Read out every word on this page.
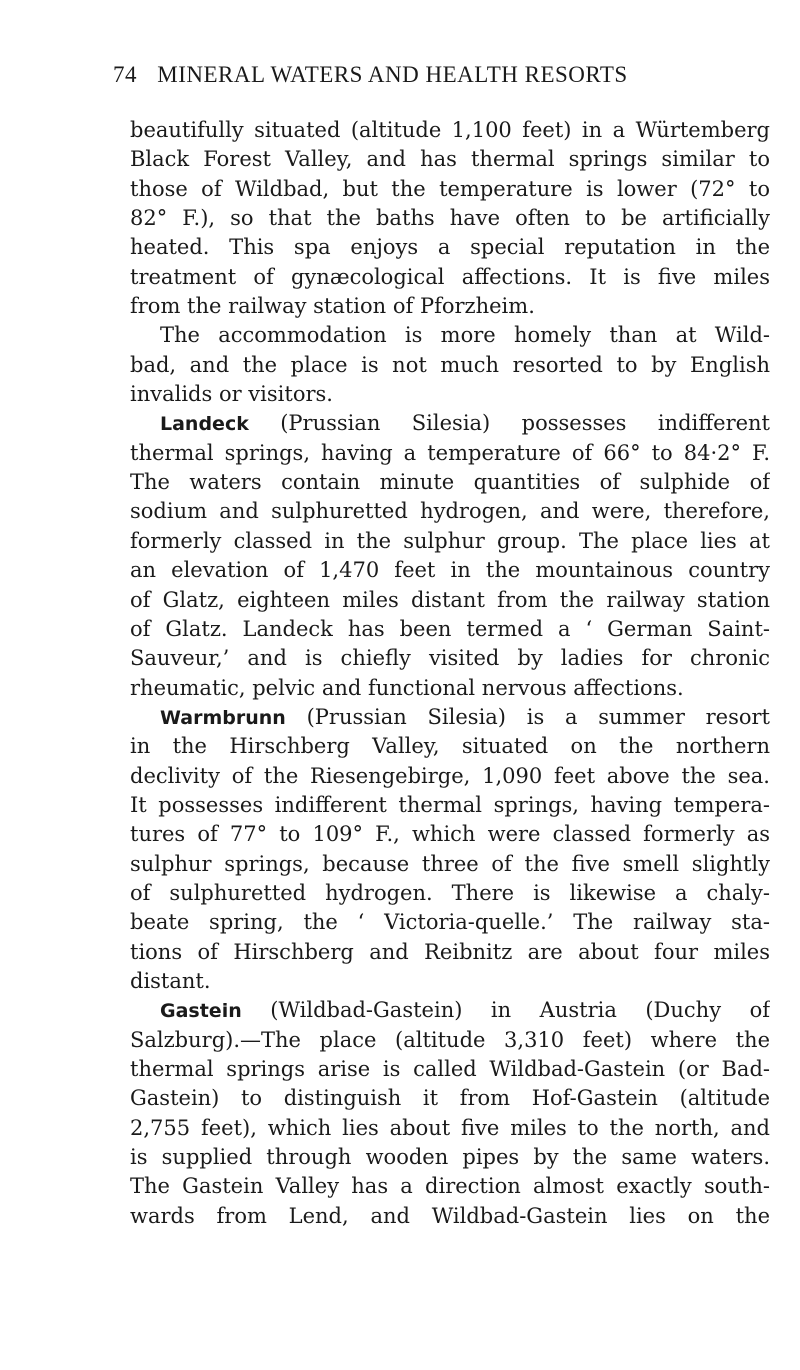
74 MINERAL WATERS AND HEALTH RESORTS
beautifully situated (altitude 1,100 feet) in a Würtemberg
Black Forest Valley, and has thermal springs similar to
those of Wildbad, but the temperature is lower (72° to
82° F.), so that the baths have often to be artificially
heated. This spa enjoys a special reputation in the
treatment of gynæcological affections. It is five miles
from the railway station of Pforzheim.
The accommodation is more homely than at Wild-
bad, and the place is not much resorted to by English
invalids or visitors.
Landeck (Prussian Silesia) possesses indifferent
thermal springs, having a temperature of 66° to 84·2° F.
The waters contain minute quantities of sulphide of
sodium and sulphuretted hydrogen, and were, therefore,
formerly classed in the sulphur group. The place lies at
an elevation of 1,470 feet in the mountainous country
of Glatz, eighteen miles distant from the railway station
of Glatz. Landeck has been termed a ‘ German Saint-
Sauveur,’ and is chiefly visited by ladies for chronic
rheumatic, pelvic and functional nervous affections.
Warmbrunn (Prussian Silesia) is a summer resort
in the Hirschberg Valley, situated on the northern
declivity of the Riesengebirge, 1,090 feet above the sea.
It possesses indifferent thermal springs, having tempera-
tures of 77° to 109° F., which were classed formerly as
sulphur springs, because three of the five smell slightly
of sulphuretted hydrogen. There is likewise a chaly-
beate spring, the ‘ Victoria-quelle.’ The railway sta-
tions of Hirschberg and Reibnitz are about four miles
distant.
Gastein (Wildbad-Gastein) in Austria (Duchy of
Salzburg).—The place (altitude 3,310 feet) where the
thermal springs arise is called Wildbad-Gastein (or Bad-
Gastein) to distinguish it from Hof-Gastein (altitude
2,755 feet), which lies about five miles to the north, and
is supplied through wooden pipes by the same waters.
The Gastein Valley has a direction almost exactly south-
wards from Lend, and Wildbad-Gastein lies on the
